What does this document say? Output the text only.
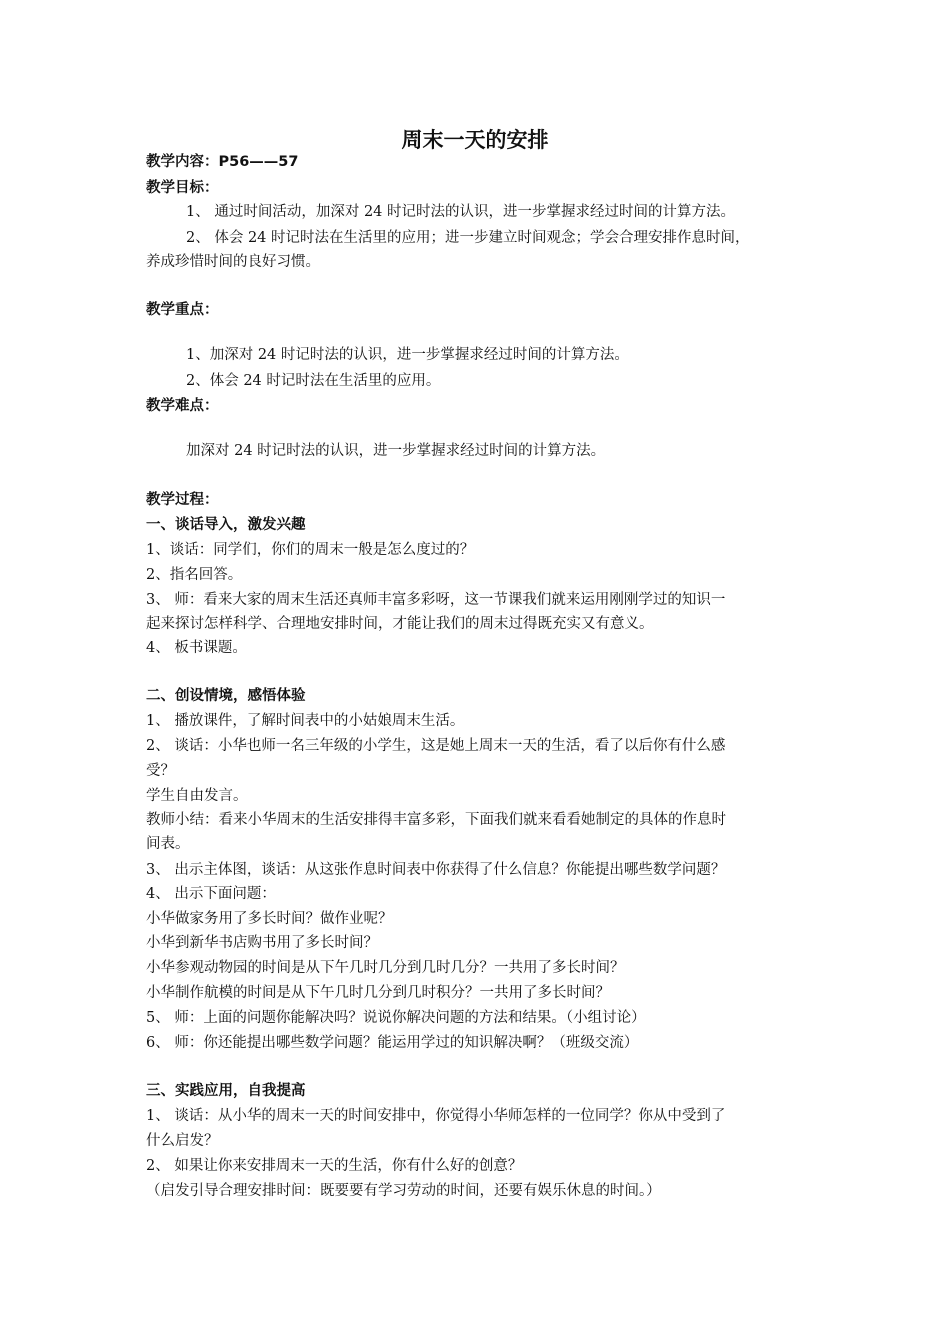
周末一天的安排
教学内容：P56——57
教学目标：
1、 通过时间活动，加深对 24 时记时法的认识，进一步掌握求经过时间的计算方法。
2、 体会 24 时记时法在生活里的应用；进一步建立时间观念；学会合理安排作息时间，
养成珍惜时间的良好习惯。
教学重点：
1、加深对 24 时记时法的认识，进一步掌握求经过时间的计算方法。
2、体会 24 时记时法在生活里的应用。
教学难点：
加深对 24 时记时法的认识，进一步掌握求经过时间的计算方法。
教学过程：
一、谈话导入，激发兴趣
1、谈话：同学们，你们的周末一般是怎么度过的？
2、指名回答。
3、 师：看来大家的周末生活还真师丰富多彩呀，这一节课我们就来运用刚刚学过的知识一
起来探讨怎样科学、合理地安排时间，才能让我们的周末过得既充实又有意义。
4、 板书课题。
二、创设情境，感悟体验
1、 播放课件，了解时间表中的小姑娘周末生活。
2、 谈话：小华也师一名三年级的小学生，这是她上周末一天的生活，看了以后你有什么感
受？
学生自由发言。
教师小结：看来小华周末的生活安排得丰富多彩，下面我们就来看看她制定的具体的作息时
间表。
3、 出示主体图，谈话：从这张作息时间表中你获得了什么信息？你能提出哪些数学问题？
4、 出示下面问题：
小华做家务用了多长时间？做作业呢？
小华到新华书店购书用了多长时间？
小华参观动物园的时间是从下午几时几分到几时几分？一共用了多长时间？
小华制作航模的时间是从下午几时几分到几时积分？一共用了多长时间？
5、 师：上面的问题你能解决吗？说说你解决问题的方法和结果。（小组讨论）
6、 师：你还能提出哪些数学问题？能运用学过的知识解决啊？（班级交流）
三、实践应用，自我提高
1、 谈话：从小华的周末一天的时间安排中，你觉得小华师怎样的一位同学？你从中受到了
什么启发？
2、 如果让你来安排周末一天的生活，你有什么好的创意？
（启发引导合理安排时间：既要要有学习劳动的时间，还要有娱乐休息的时间。）
